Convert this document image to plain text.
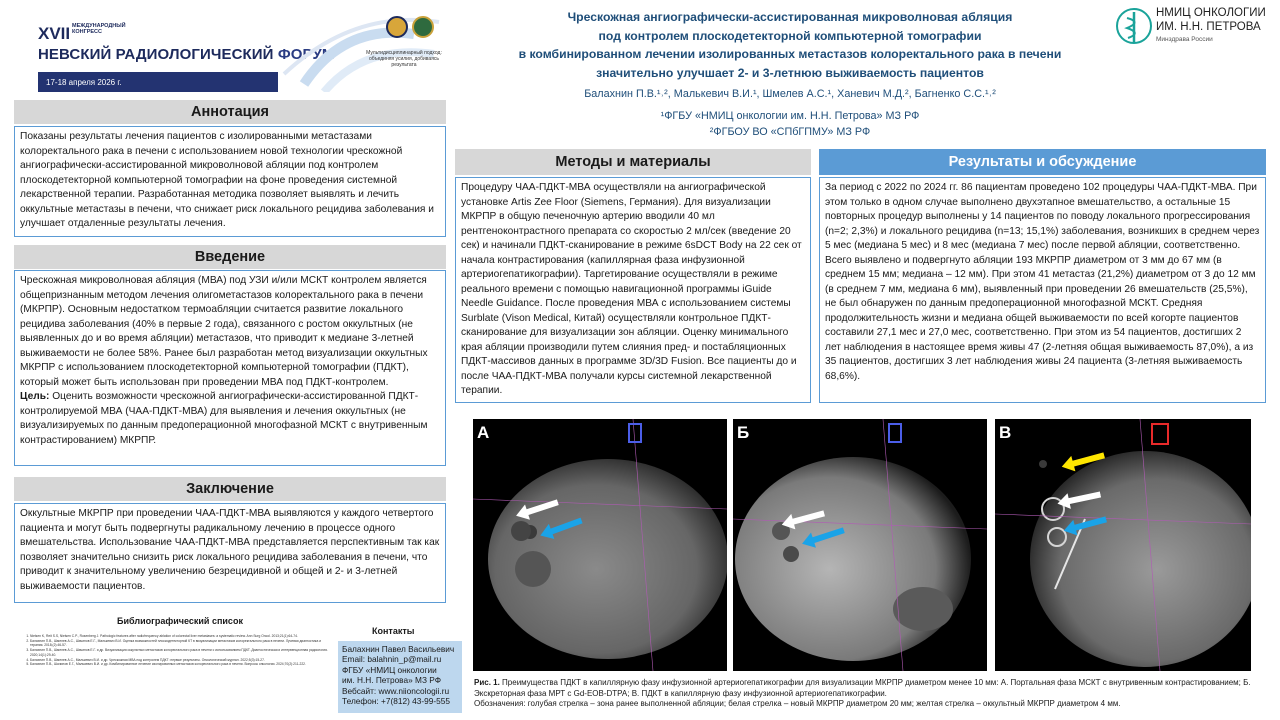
XVII МЕЖДУНАРОДНЫЙ КОНГРЕСС
НЕВСКИЙ РАДИОЛОГИЧЕСКИЙ ФОРУМ
17-18 апреля 2026 г.
Мультидисциплинарный подход: объединяя усилия, добиваясь результата
Чрескожная ангиографически-ассистированная микроволновая абляция
под контролем плоскодетекторной компьютерной томографии
в комбинированном лечении изолированных метастазов колоректального рака в печени
значительно улучшает 2- и 3-летнюю выживаемость пациентов
Балахнин П.В.¹˒², Малькевич В.И.¹, Шмелев А.С.¹, Ханевич М.Д.², Багненко С.С.¹˒²
¹ФГБУ «НМИЦ онкологии им. Н.Н. Петрова» МЗ РФ
²ФГБОУ ВО «СПбГПМУ» МЗ РФ
НМИЦ ОНКОЛОГИИ
ИМ. Н.Н. ПЕТРОВА
Минздрава России
Аннотация
Показаны результаты лечения пациентов с изолированными метастазами колоректального рака в печени с использованием новой технологии чрескожной ангиографически-ассистированной микроволновой абляции под контролем плоскодетекторной компьютерной томографии на фоне проведения системной лекарственной терапии. Разработанная методика позволяет выявлять и лечить оккультные метастазы в печени, что снижает риск локального рецидива заболевания и улучшает отдаленные результаты лечения.
Введение
Чрескожная микроволновая абляция (МВА) под УЗИ и/или МСКТ контролем является общепризнанным методом лечения олигометастазов колоректального рака в печени (МКРПР). Основным недостатком термоабляции считается развитие локального рецидива заболевания (40% в первые 2 года), связанного с ростом оккультных (не выявленных до и во время абляции) метастазов, что приводит к медиане 3-летней выживаемости не более 58%. Ранее был разработан метод визуализации оккультных МКРПР с использованием плоскодетекторной компьютерной томографии (ПДКТ), который может быть использован при проведении МВА под ПДКТ-контролем.
Цель: Оценить возможности чрескожной ангиографически-ассистированной ПДКТ-контролируемой МВА (ЧАА-ПДКТ-МВА) для выявления и лечения оккультных (не визуализируемых по данным предоперационной многофазной МСКТ с внутривенным контрастированием) МКРПР.
Заключение
Оккультные МКРПР при проведении ЧАА-ПДКТ-МВА выявляются у каждого четвертого пациента и могут быть подвергнуты радикальному лечению в процессе одного вмешательства. Использование ЧАА-ПДКТ-МВА представляется перспективным так как позволяет значительно снизить риск локального рецидива заболевания в печени, что приводит к значительному увеличению безрецидивной и общей и 2- и 3-летней выживаемости пациентов.
Методы и материалы
Процедуру ЧАА-ПДКТ-МВА осуществляли на ангиографической установке Artis Zee Floor (Siemens, Германия). Для визуализации МКРПР в общую печеночную артерию вводили 40 мл рентгеноконтрастного препарата со скоростью 2 мл/сек (введение 20 сек) и начинали ПДКТ-сканирование в режиме 6sDCT Body на 22 сек от начала контрастирования (капиллярная фаза инфузионной артериогепатикографии). Таргетирование осуществляли в режиме реального времени с помощью навигационной программы iGuide Needle Guidance. После проведения МВА с использованием системы Surblate (Vison Medical, Китай) осуществляли контрольное ПДКТ-сканирование для визуализации зон абляции. Оценку минимального края абляции производили путем слияния пред- и постабляционных ПДКТ-массивов данных в программе 3D/3D Fusion. Все пациенты до и после ЧАА-ПДКТ-МВА получали курсы системной лекарственной терапии.
Результаты и обсуждение
За период с 2022 по 2024 гг. 86 пациентам проведено 102 процедуры ЧАА-ПДКТ-МВА. При этом только в одном случае выполнено двухэтапное вмешательство, а остальные 15 повторных процедур выполнены у 14 пациентов по поводу локального прогрессирования (n=2; 2,3%) и локального рецидива (n=13; 15,1%) заболевания, возникших в среднем через 5 мес (медиана 5 мес) и 8 мес (медиана 7 мес) после первой абляции, соответственно. Всего выявлено и подвергнуто абляции 193 МКРПР диаметром от 3 мм до 67 мм (в среднем 15 мм; медиана – 12 мм). При этом 41 метастаз (21,2%) диаметром от 3 до 12 мм (в среднем 7 мм, медиана 6 мм), выявленный при проведении 26 вмешательств (25,5%), не был обнаружен по данным предоперационной многофазной МСКТ. Средняя продолжительность жизни и медиана общей выживаемости по всей когорте пациентов составили 27,1 мес и 27,0 мес, соответственно. При этом из 54 пациентов, достигших 2 лет наблюдения в настоящее время живы 47 (2-летняя общая выживаемость 87,0%), а из 35 пациентов, достигших 3 лет наблюдения живы 24 пациента (3-летняя выживаемость 68,6%).
А	Б	В
Рис. 1. Преимущества ПДКТ в капиллярную фазу инфузионной артериогепатикографии для визуализации МКРПР диаметром менее 10 мм: А. Портальная фаза МСКТ с внутривенным контрастированием; Б. Экскреторная фаза МРТ с Gd-EOB-DTPA; В. ПДКТ в капиллярную фазу инфузионной артериогепатикографии.
Обозначения: голубая стрелка – зона ранее выполненной абляции; белая стрелка – новый МКРПР диаметром 20 мм; желтая стрелка – оккультный МКРПР диаметром 4 мм.
Библиографический список
1. Nielsen K, Reit S.S, Nielsen C.P., Rosenberg J. Pathologic features after radiofrequency ablation of colorectal liver metastases: a systematic review. Ann Surg Oncol. 2013;21(1):64-74.
2. Балахнин П.В., Шмелев А.С., Шачинов Е.Г., Малькевич В.И. Оценка возможностей плоскодетекторной КТ в визуализации метастазов колоректального рака в печени. Лучевая диагностика и терапия. 2018;(2):46-57.
3. Балахнин П.В., Шмелев А.С., Шачинов Е.Г. и др. Визуализация оккультных метастазов колоректального рака в печени с использованием ПДКТ. Диагностическая и интервенционная радиология. 2020;14(1):29-40.
4. Балахнин П.В., Шмелев А.С., Малькевич В.И. и др. Чрескожная МВА под контролем ПДКТ: первые результаты. Онкологический журнал. 2022;5(3):15-27.
5. Балахнин П.В., Шачинов Е.Г., Малькевич В.И. и др. Комбинированное лечение изолированных метастазов колоректального рака в печени. Вопросы онкологии. 2024;70(2):211-222.
Контакты
Балахнин Павел Васильевич
Email: balahnin_p@mail.ru
ФГБУ «НМИЦ онкологии
им. Н.Н. Петрова» МЗ РФ
Вебсайт: www.niioncologii.ru
Телефон: +7(812) 43-99-555
